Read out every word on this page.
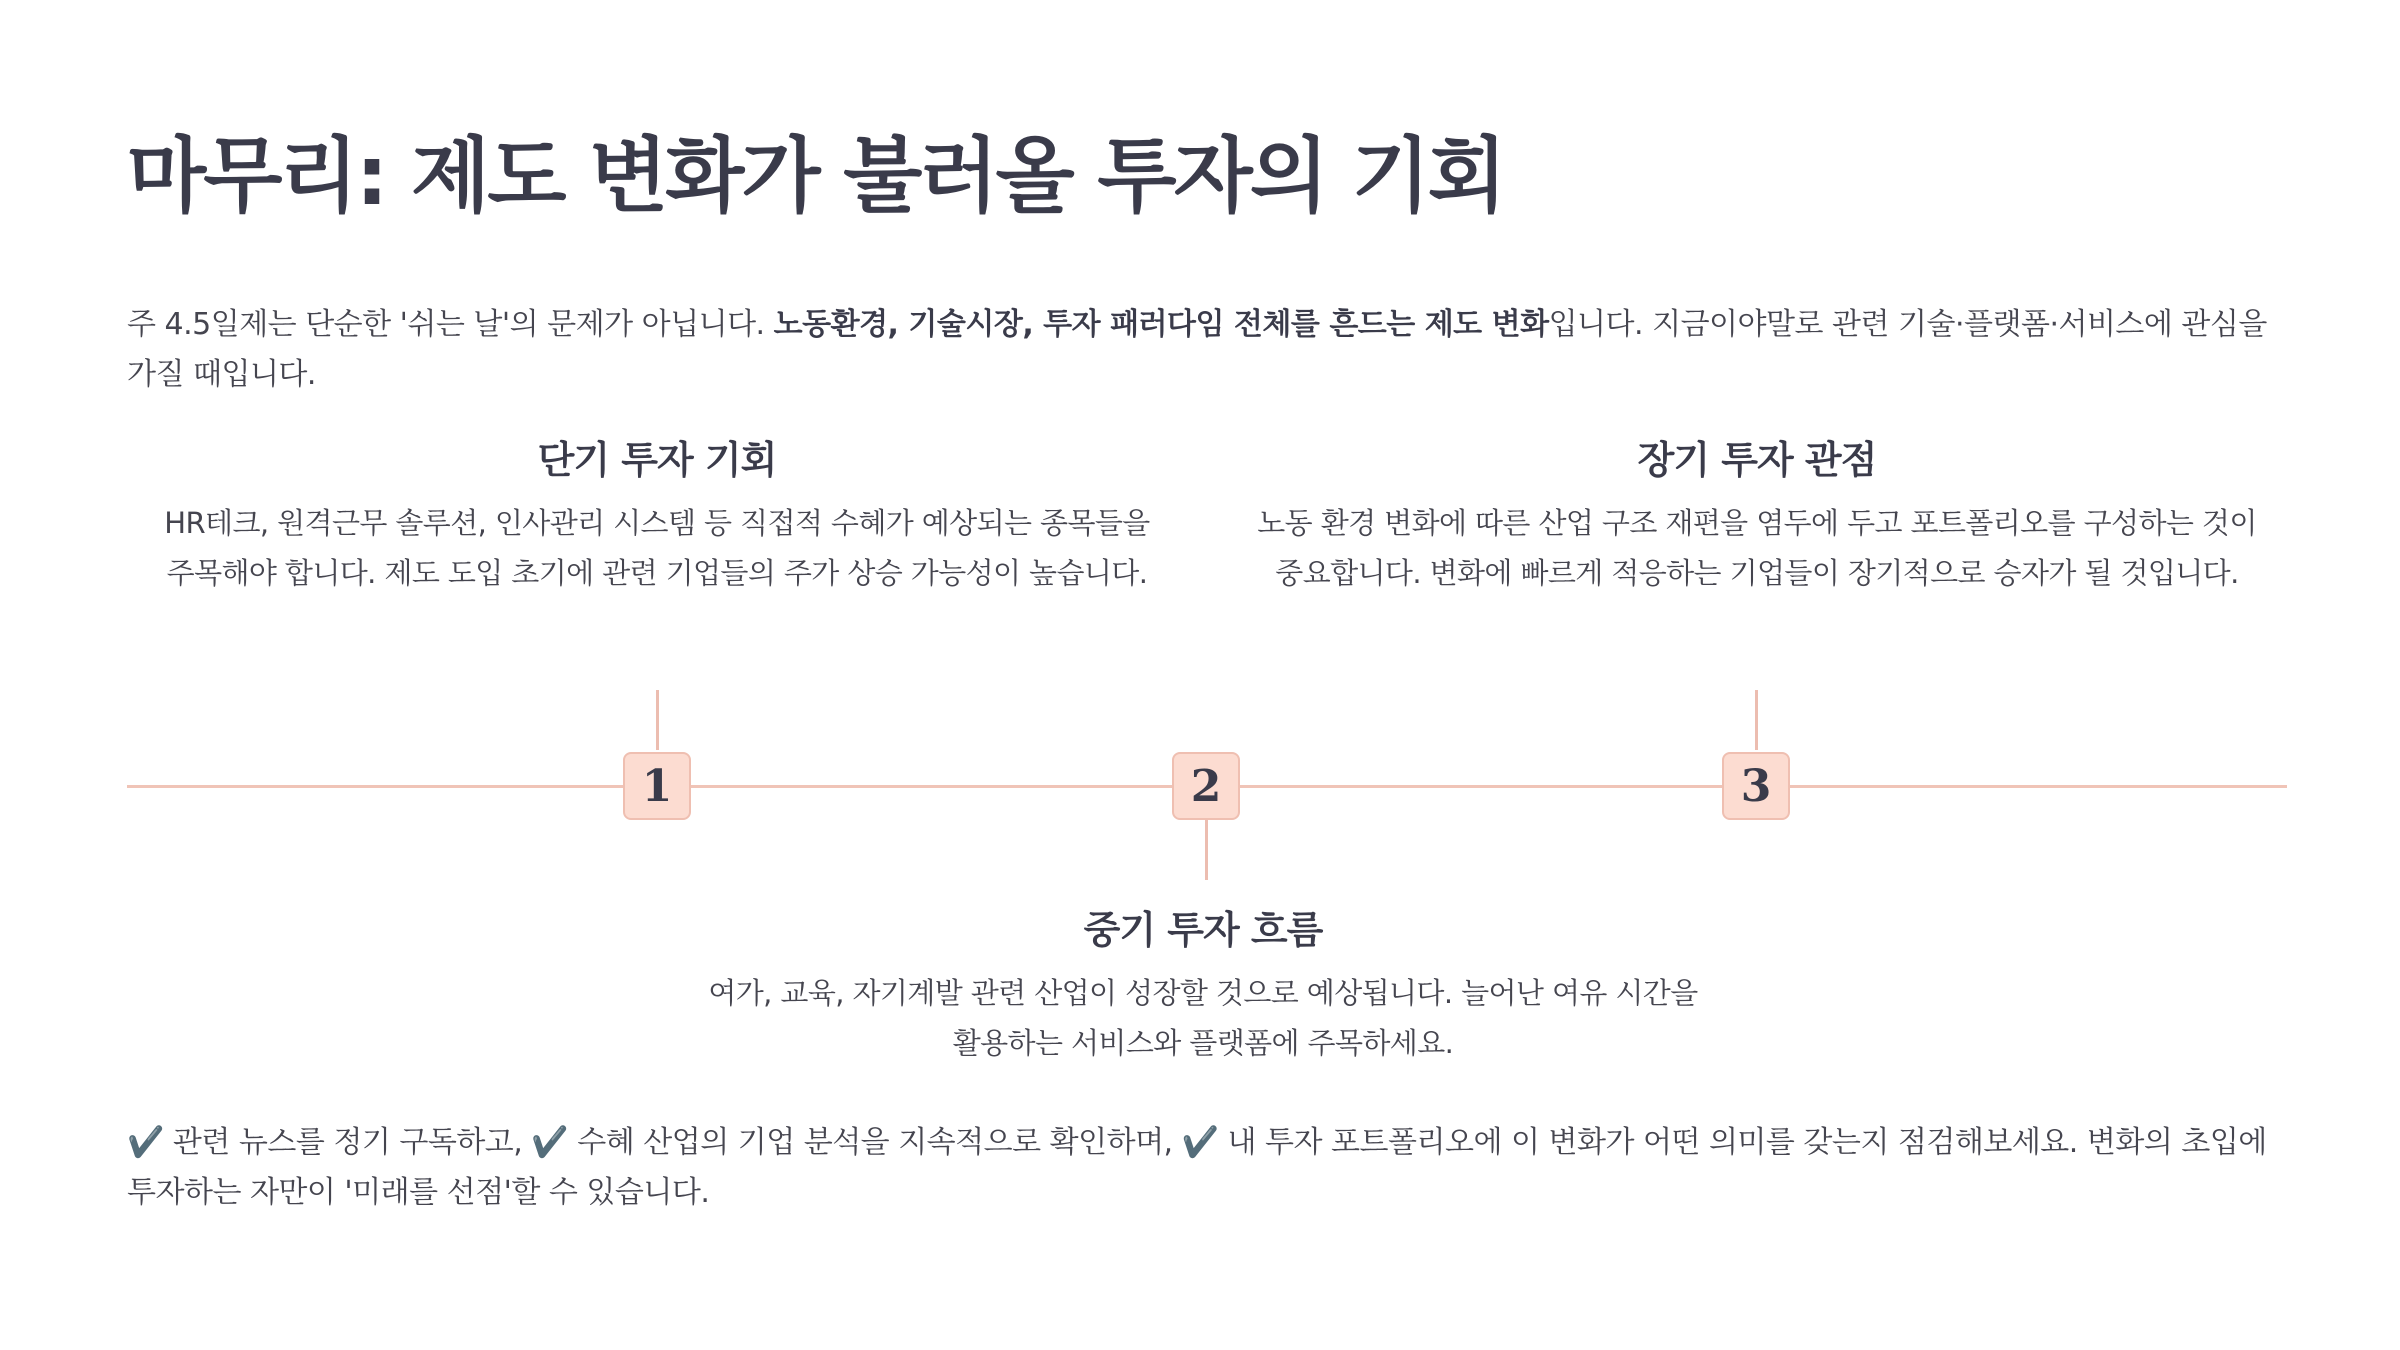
마무리: 제도 변화가 불러올 투자의 기회

주 4.5일제는 단순한 '쉬는 날'의 문제가 아닙니다. 노동환경, 기술시장, 투자 패러다임 전체를 흔드는 제도 변화입니다. 지금이야말로 관련 기술·플랫폼·서비스에 관심을 가질 때입니다.

단기 투자 기회

HR테크, 원격근무 솔루션, 인사관리 시스템 등 직접적 수혜가 예상되는 종목들을 주목해야 합니다. 제도 도입 초기에 관련 기업들의 주가 상승 가능성이 높습니다.

장기 투자 관점

노동 환경 변화에 따른 산업 구조 재편을 염두에 두고 포트폴리오를 구성하는 것이 중요합니다. 변화에 빠르게 적응하는 기업들이 장기적으로 승자가 될 것입니다.

1	2	3
중기 투자 흐름

여가, 교육, 자기계발 관련 산업이 성장할 것으로 예상됩니다. 늘어난 여유 시간을 활용하는 서비스와 플랫폼에 주목하세요.

✔️ 관련 뉴스를 정기 구독하고, ✔️ 수혜 산업의 기업 분석을 지속적으로 확인하며, ✔️ 내 투자 포트폴리오에 이 변화가 어떤 의미를 갖는지 점검해보세요. 변화의 초입에 투자하는 자만이 '미래를 선점'할 수 있습니다.
